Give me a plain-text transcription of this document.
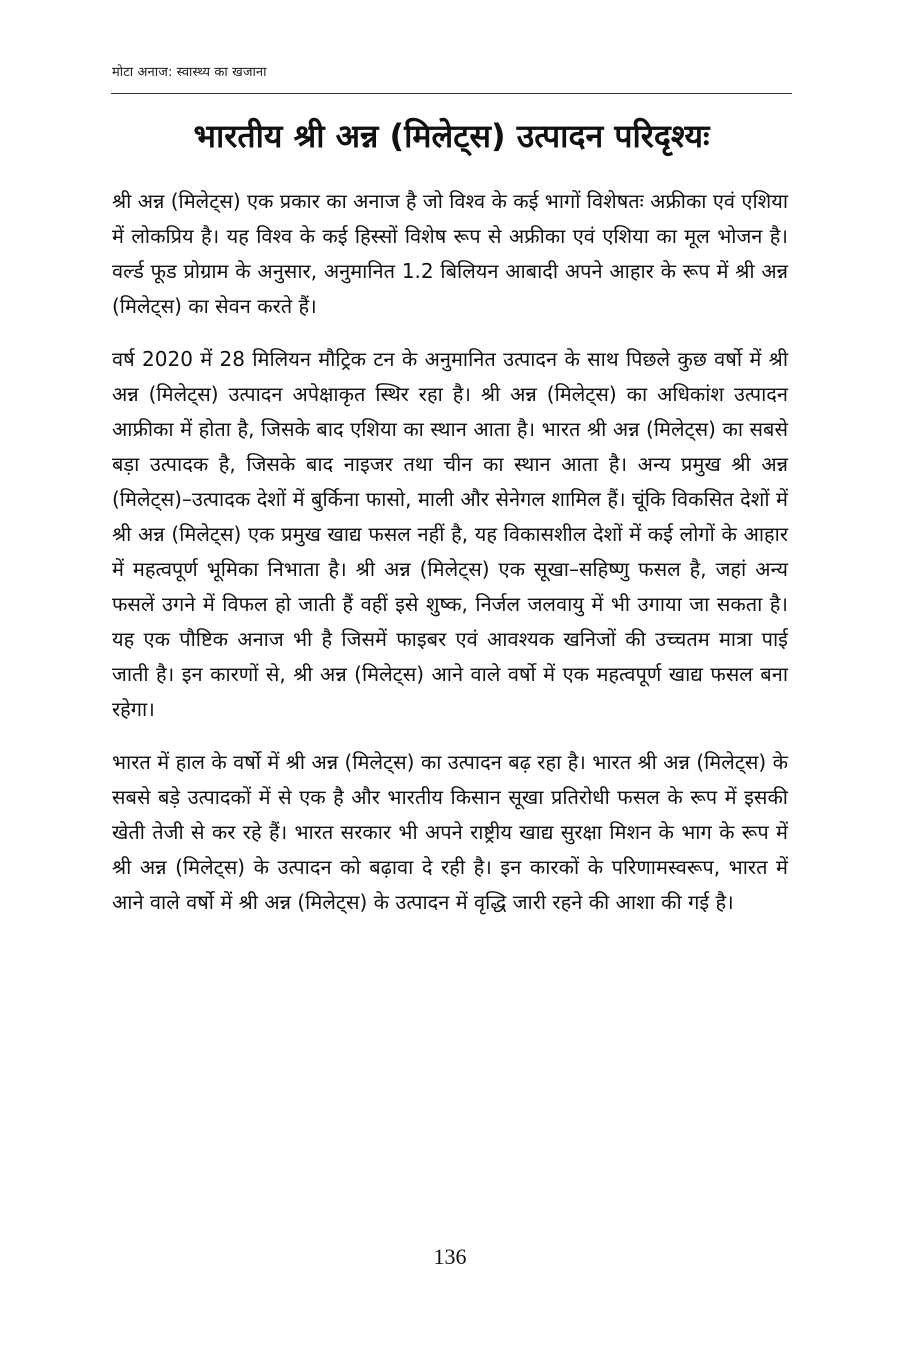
मोटा अनाज: स्वास्थ्य का खजाना
भारतीय श्री अन्न (मिलेट्स) उत्पादन परिदृश्यः

श्री अन्न (मिलेट्स) एक प्रकार का अनाज है जो विश्व के कई भागों विशेषतः अफ्रीका एवं एशिया में लोकप्रिय है। यह विश्व के कई हिस्सों विशेष रूप से अफ्रीका एवं एशिया का मूल भोजन है। वर्ल्ड फूड प्रोग्राम के अनुसार, अनुमानित 1.2 बिलियन आबादी अपने आहार के रूप में श्री अन्न (मिलेट्स) का सेवन करते हैं।

वर्ष 2020 में 28 मिलियन मौट्रिक टन के अनुमानित उत्पादन के साथ पिछले कुछ वर्षो में श्री अन्न (मिलेट्स) उत्पादन अपेक्षाकृत स्थिर रहा है। श्री अन्न (मिलेट्स) का अधिकांश उत्पादन आफ्रीका में होता है, जिसके बाद एशिया का स्थान आता है। भारत श्री अन्न (मिलेट्स) का सबसे बड़ा उत्पादक है, जिसके बाद नाइजर तथा चीन का स्थान आता है। अन्य प्रमुख श्री अन्न (मिलेट्स)–उत्पादक देशों में बुर्किना फासो, माली और सेनेगल शामिल हैं। चूंकि विकसित देशों में श्री अन्न (मिलेट्स) एक प्रमुख खाद्य फसल नहीं है, यह विकासशील देशों में कई लोगों के आहार में महत्वपूर्ण भूमिका निभाता है। श्री अन्न (मिलेट्स) एक सूखा–सहिष्णु फसल है, जहां अन्य फसलें उगने में विफल हो जाती हैं वहीं इसे शुष्क, निर्जल जलवायु में भी उगाया जा सकता है। यह एक पौष्टिक अनाज भी है जिसमें फाइबर एवं आवश्यक खनिजों की उच्चतम मात्रा पाई जाती है। इन कारणों से, श्री अन्न (मिलेट्स) आने वाले वर्षो में एक महत्वपूर्ण खाद्य फसल बना रहेगा।

भारत में हाल के वर्षो में श्री अन्न (मिलेट्स) का उत्पादन बढ़ रहा है। भारत श्री अन्न (मिलेट्स) के सबसे बड़े उत्पादकों में से एक है और भारतीय किसान सूखा प्रतिरोधी फसल के रूप में इसकी खेती तेजी से कर रहे हैं। भारत सरकार भी अपने राष्ट्रीय खाद्य सुरक्षा मिशन के भाग के रूप में श्री अन्न (मिलेट्स) के उत्पादन को बढ़ावा दे रही है। इन कारकों के परिणामस्वरूप, भारत में आने वाले वर्षो में श्री अन्न (मिलेट्स) के उत्पादन में वृद्धि जारी रहने की आशा की गई है।

136
